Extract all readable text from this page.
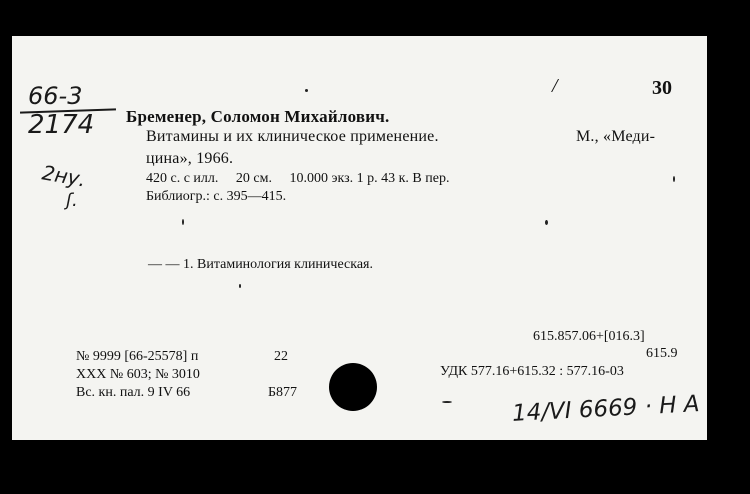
66-3
2174
2ну.
ʃ.
/	30
Бременер, Соломон Михайлович.
Витамины и их клиническое применение.	М., «Меди-
цина», 1966.
420 с. с илл.     20 см.     10.000 экз. 1 р. 43 к. В пер.
Библиогр.: с. 395—415.
— — 1. Витаминология клиническая.
615.857.06+[016.3]
615.9
УДК 577.16+615.32 : 577.16-03
№ 9999 [66-25578] п	22
XXX № 603; № 3010
Вс. кн. пал. 9 IV 66	Б877	14/VI 6669 · Н А
